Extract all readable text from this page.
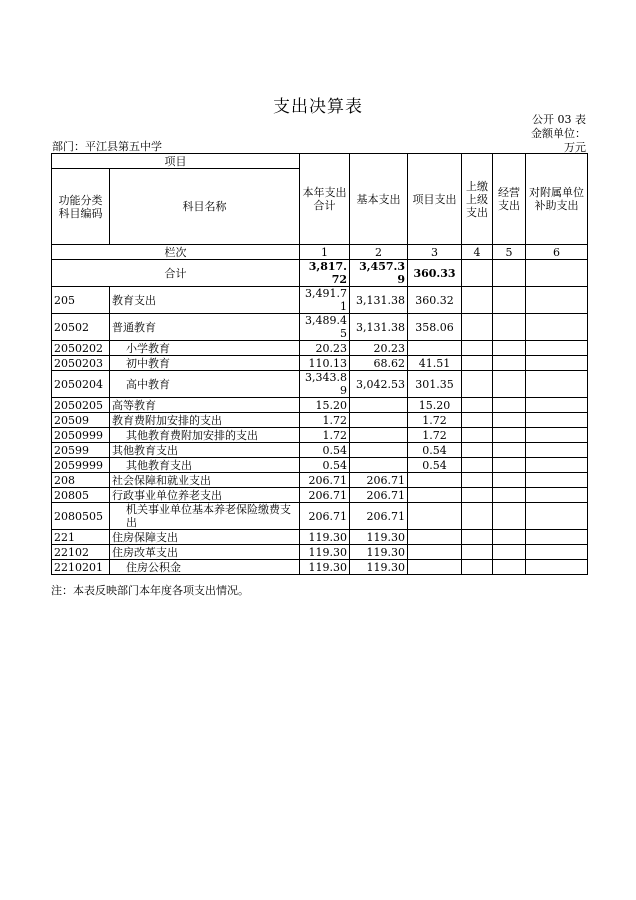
支出决算表
公开 03 表
金额单位：
万元
部门：平江县第五中学
项目		本年支出合计	基本支出	项目支出	上缴上级支出	经营支出	对附属单位补助支出
功能分类科目编码	科目名称						
栏次		1	2	3	4	5	6
合计		3,817.72	3,457.39	360.33			
205	教育支出	3,491.71	3,131.38	360.32			
20502	普通教育	3,489.45	3,131.38	358.06			
2050202	小学教育	20.23	20.23				
2050203	初中教育	110.13	68.62	41.51			
2050204	高中教育	3,343.89	3,042.53	301.35			
2050205	高等教育	15.20		15.20			
20509	教育费附加安排的支出	1.72		1.72			
2050999	其他教育费附加安排的支出	1.72		1.72			
20599	其他教育支出	0.54		0.54			
2059999	其他教育支出	0.54		0.54			
208	社会保障和就业支出	206.71	206.71				
20805	行政事业单位养老支出	206.71	206.71				
2080505	机关事业单位基本养老保险缴费支出	206.71	206.71				
221	住房保障支出	119.30	119.30				
22102	住房改革支出	119.30	119.30				
2210201	住房公积金	119.30	119.30				
注：本表反映部门本年度各项支出情况。
